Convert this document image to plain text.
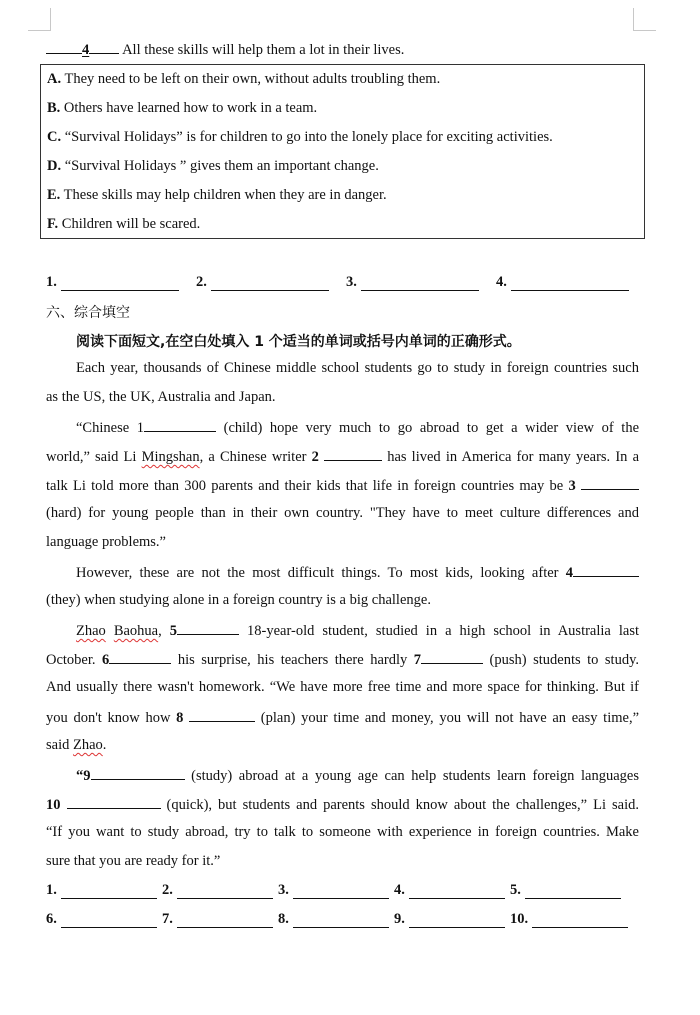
4 All these skills will help them a lot in their lives.
A. They need to be left on their own, without adults troubling them.
B. Others have learned how to work in a team.
C. “Survival Holidays” is for children to go into the lonely place for exciting activities.
D. “Survival Holidays ” gives them an important change.
E. These skills may help children when they are in danger.
F. Children will be scared.
1.	2.	3.	4.
六、综合填空
阅读下面短文,在空白处填入 1 个适当的单词或括号内单词的正确形式。
Each year, thousands of Chinese middle school students go to study in foreign countries such
as the US, the UK, Australia and Japan.
“Chinese 1	(child) hope very much to go abroad to get a wider view of the
world,” said Li Mingshan, a Chinese writer 2	has lived in America for many years. In a
talk Li told more than 300 parents and their kids that life in foreign countries may be 3
(hard) for young people than in their own country. "They have to meet culture differences and
language problems.”
However, these are not the most difficult things. To most kids, looking after 4
(they) when studying alone in a foreign country is a big challenge.
Zhao Baohua, 5	18-year-old student, studied in a high school in Australia last
October. 6	his surprise, his teachers there hardly 7	(push) students to study.
And usually there wasn't homework. “We have more free time and more space for thinking. But if
you don't know how 8	(plan) your time and money, you will not have an easy time,”
said Zhao.
“9	(study) abroad at a young age can help students learn foreign languages
10	(quick), but students and parents should know about the challenges,” Li said.
“If you want to study abroad, try to talk to someone with experience in foreign countries. Make
sure that you are ready for it.”
1.	2.	3.	4.	5.
6.	7.	8.	9.	10.
